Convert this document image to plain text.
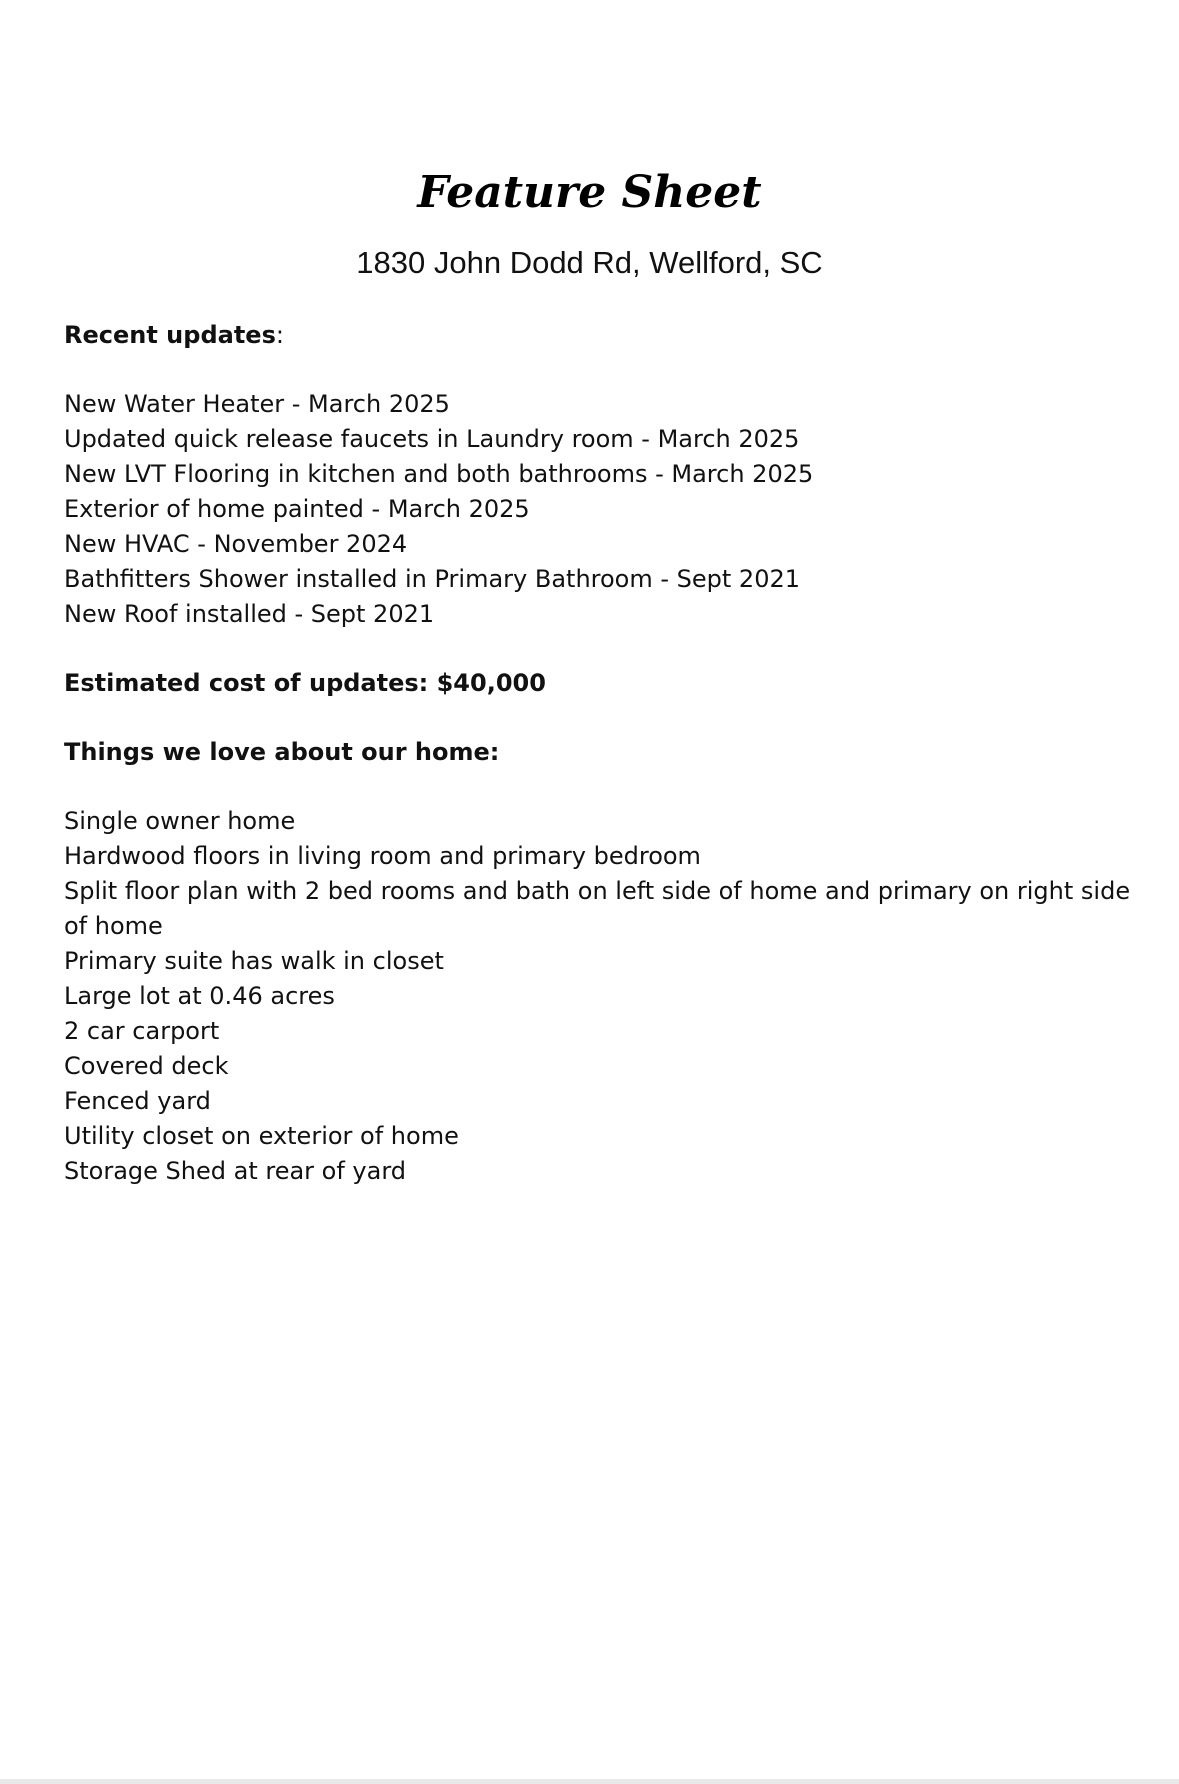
Feature Sheet
1830 John Dodd Rd, Wellford, SC

Recent updates:

New Water Heater - March 2025
Updated quick release faucets in Laundry room - March 2025
New LVT Flooring in kitchen and both bathrooms - March 2025
Exterior of home painted - March 2025
New HVAC - November 2024
Bathfitters Shower installed in Primary Bathroom - Sept 2021
New Roof installed - Sept 2021

Estimated cost of updates: $40,000

Things we love about our home:

Single owner home
Hardwood floors in living room and primary bedroom
Split floor plan with 2 bed rooms and bath on left side of home and primary on right side of home
Primary suite has walk in closet
Large lot at 0.46 acres
2 car carport
Covered deck
Fenced yard
Utility closet on exterior of home
Storage Shed at rear of yard
